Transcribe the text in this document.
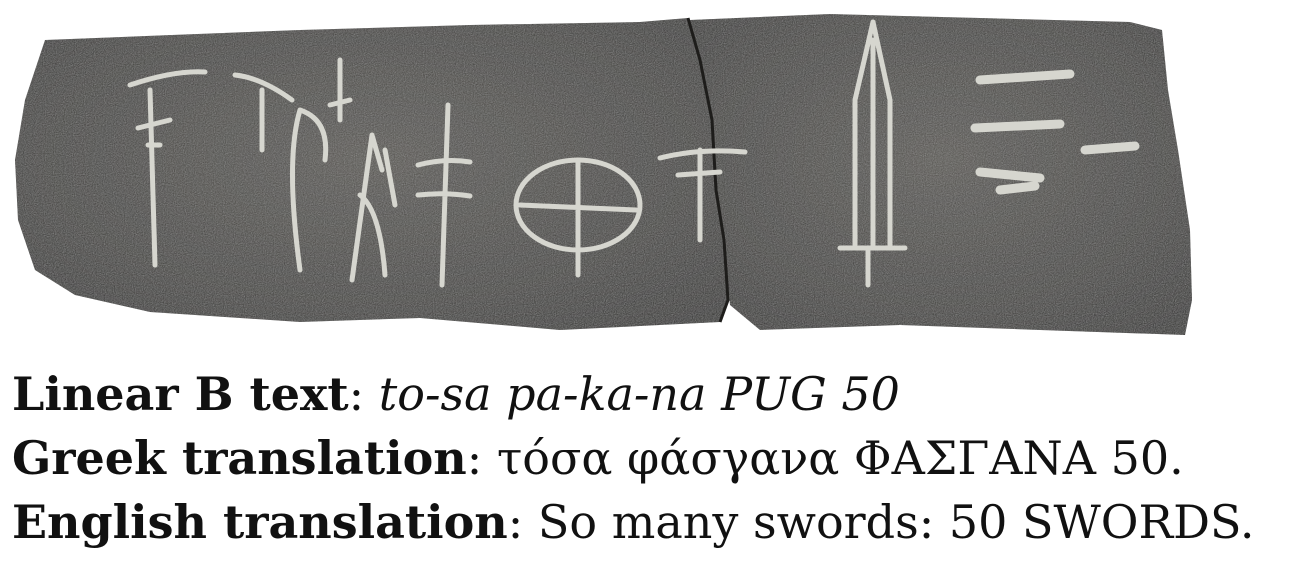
Linear B text: to-sa pa-ka-na PUG 50
Greek translation: τόσα φάσγανα ΦΑΣΓΑΝΑ 50.
English translation: So many swords: 50 SWORDS.
